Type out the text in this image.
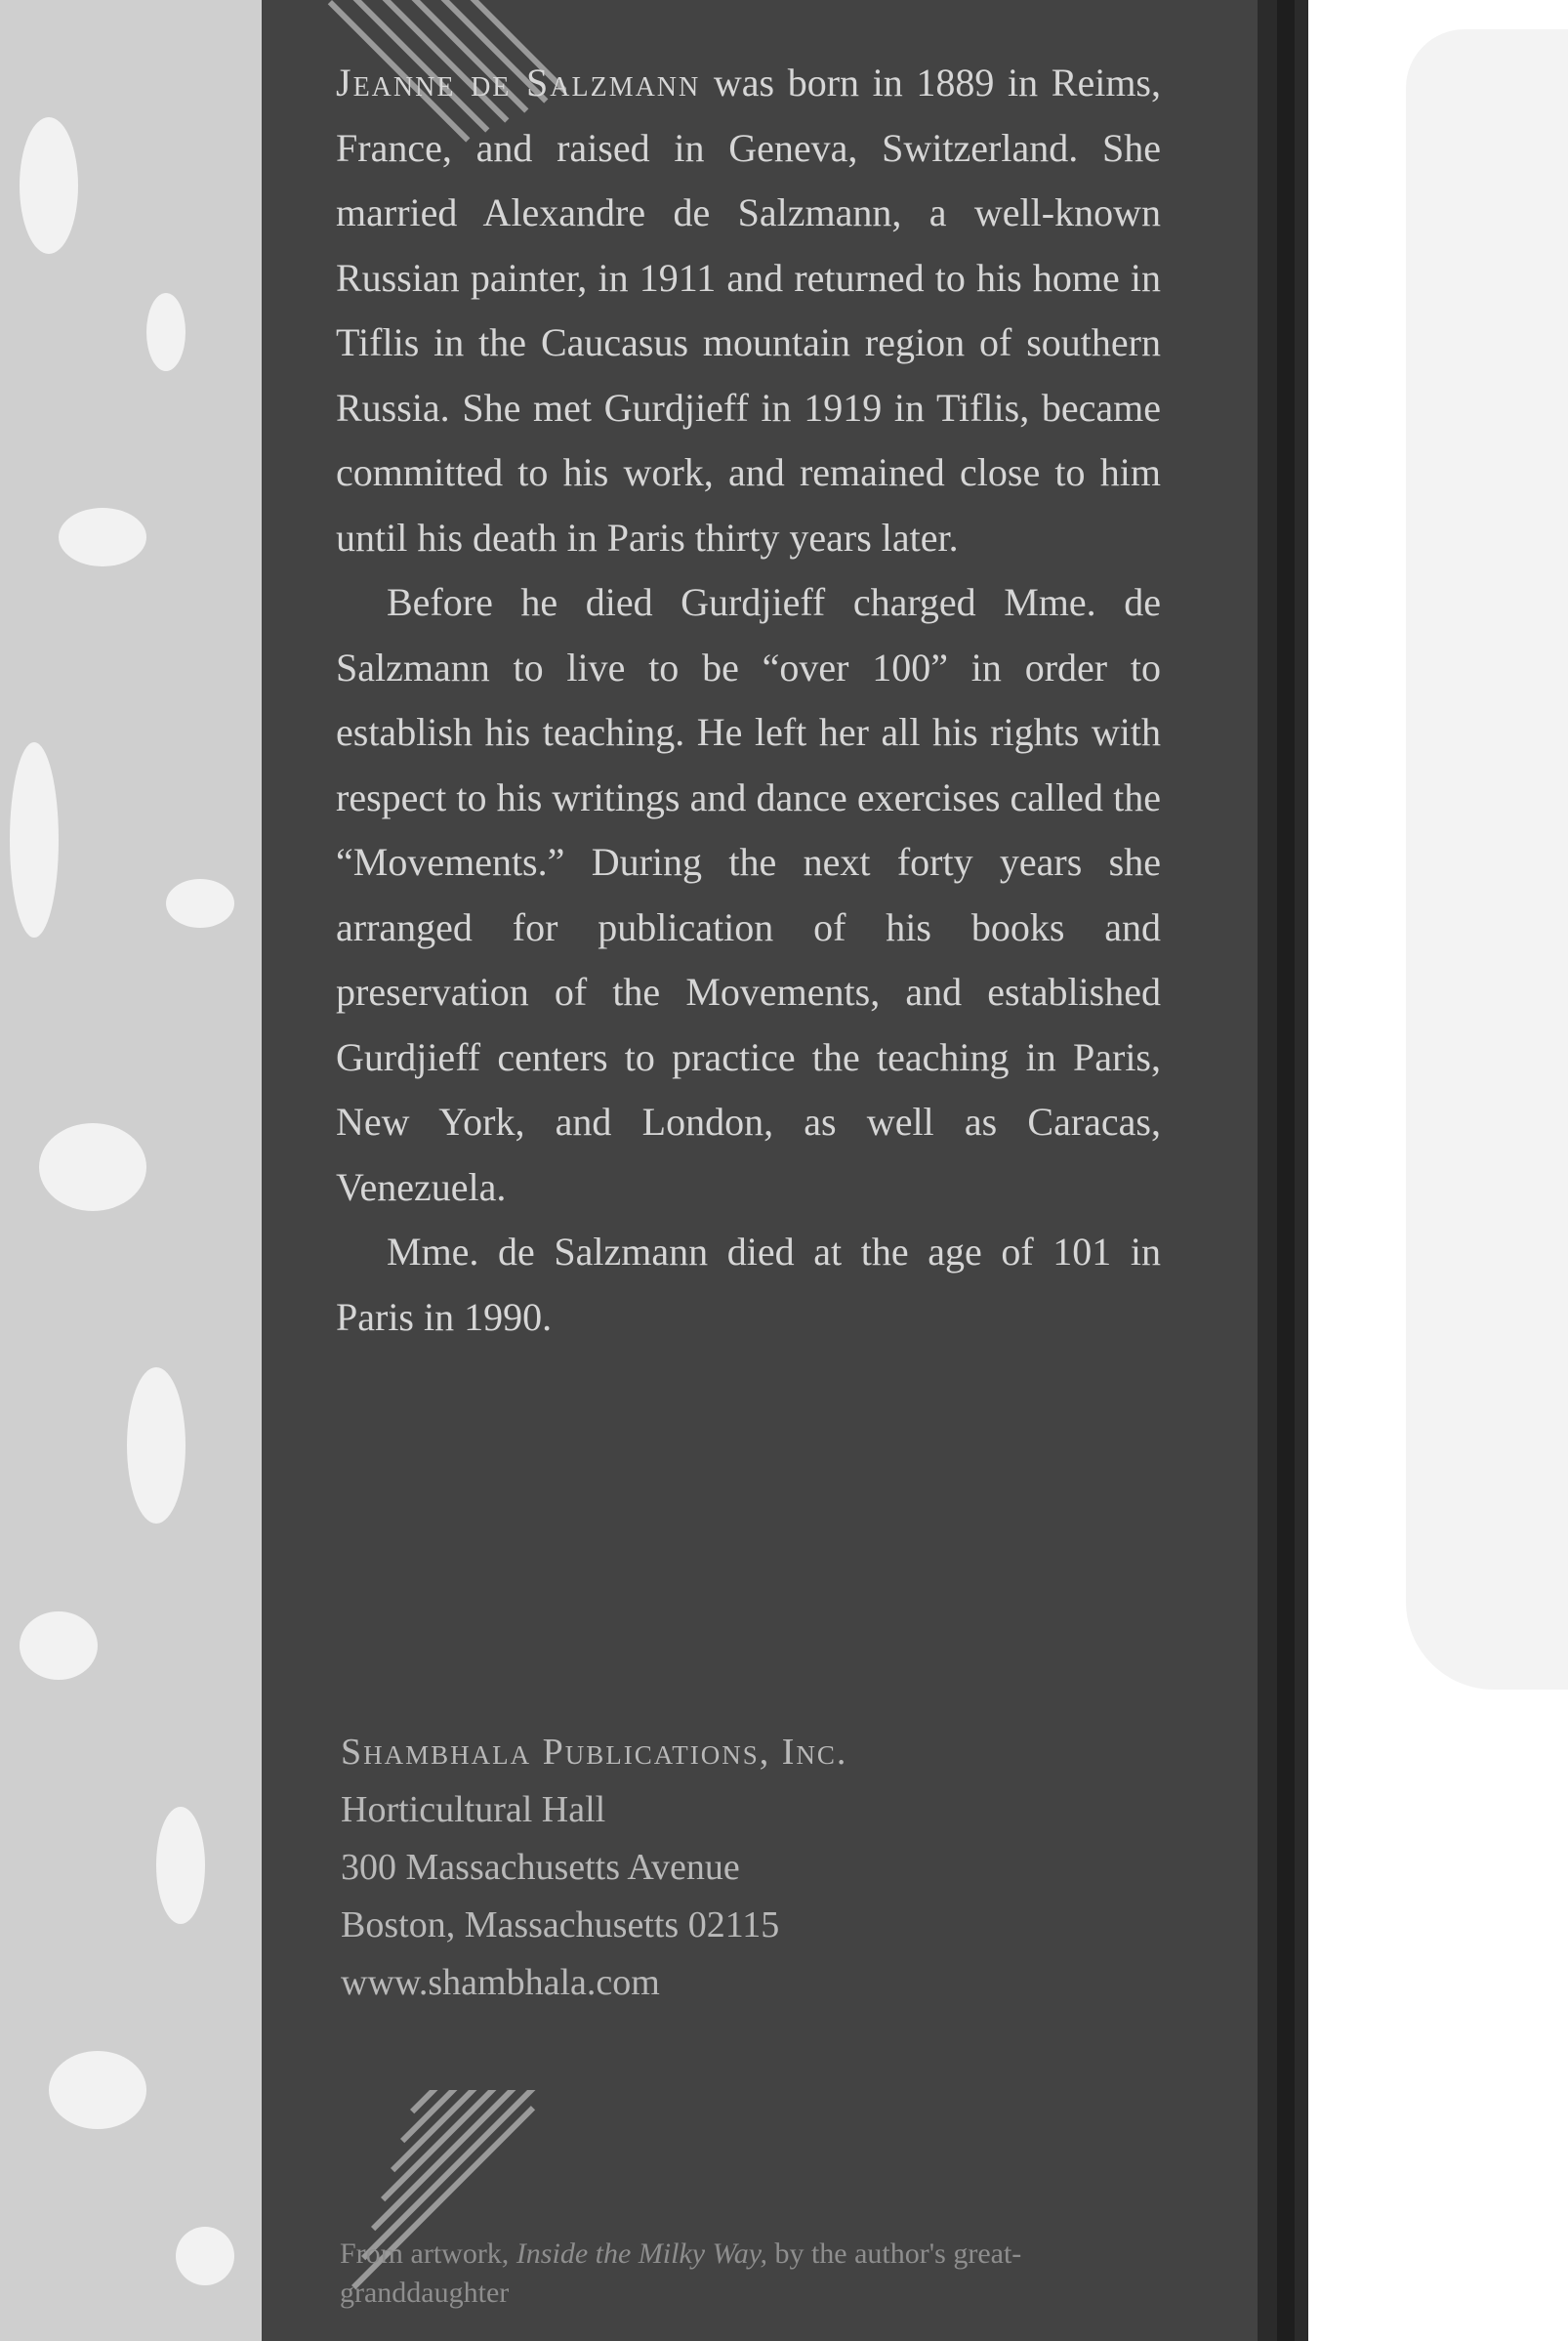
Jeanne de Salzmann was born in 1889 in Reims, France, and raised in Geneva, Switzerland. She married Alexandre de Salzmann, a well-known Russian painter, in 1911 and returned to his home in Tiflis in the Caucasus mountain region of southern Russia. She met Gurdjieff in 1919 in Tiflis, became committed to his work, and remained close to him until his death in Paris thirty years later.

Before he died Gurdjieff charged Mme. de Salzmann to live to be “over 100” in order to establish his teaching. He left her all his rights with respect to his writings and dance exercises called the “Movements.” During the next forty years she arranged for publication of his books and preservation of the Movements, and established Gurdjieff centers to practice the teaching in Paris, New York, and London, as well as Caracas, Venezuela.

Mme. de Salzmann died at the age of 101 in Paris in 1990.

Shambhala Publications, Inc.
Horticultural Hall
300 Massachusetts Avenue
Boston, Massachusetts 02115
www.shambhala.com
From artwork, Inside the Milky Way, by the author's great-granddaughter
